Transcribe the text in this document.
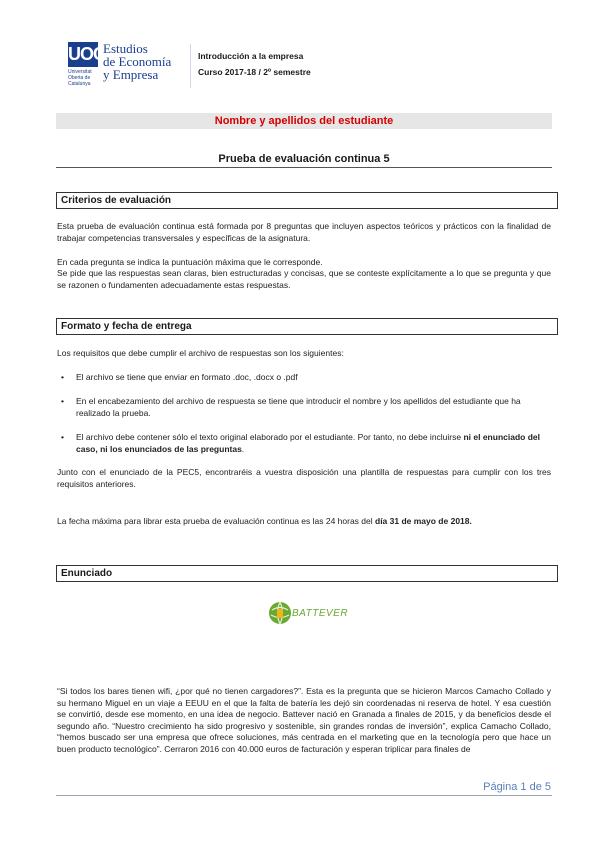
UOC
Universitat Oberta de Catalunya
Estudios
de Economía
y Empresa
Introducción a la empresa
Curso 2017-18 / 2º semestre
Nombre y apellidos del estudiante
Prueba de evaluación continua 5
Criterios de evaluación
Esta prueba de evaluación continua está formada por 8 preguntas que incluyen aspectos teóricos y prácticos con la finalidad de trabajar competencias transversales y específicas de la asignatura.
En cada pregunta se indica la puntuación máxima que le corresponde.
Se pide que las respuestas sean claras, bien estructuradas y concisas, que se conteste explícitamente a lo que se pregunta y que se razonen o fundamenten adecuadamente estas respuestas.
Formato y fecha de entrega
Los requisitos que debe cumplir el archivo de respuestas son los siguientes:
• El archivo se tiene que enviar en formato .doc, .docx o .pdf
• En el encabezamiento del archivo de respuesta se tiene que introducir el nombre y los apellidos del estudiante que ha realizado la prueba.
• El archivo debe contener sólo el texto original elaborado por el estudiante. Por tanto, no debe incluirse ni el enunciado del caso, ni los enunciados de las preguntas.
Junto con el enunciado de la PEC5, encontraréis a vuestra disposición una plantilla de respuestas para cumplir con los tres requisitos anteriores.
La fecha máxima para librar esta prueba de evaluación continua es las 24 horas del día 31 de mayo de 2018.
Enunciado
BATTEVER
“Si todos los bares tienen wifi, ¿por qué no tienen cargadores?”. Esta es la pregunta que se hicieron Marcos Camacho Collado y su hermano Miguel en un viaje a EEUU en el que la falta de batería les dejó sin coordenadas ni reserva de hotel. Y esa cuestión se convirtió, desde ese momento, en una idea de negocio. Battever nació en Granada a finales de 2015, y da beneficios desde el segundo año. “Nuestro crecimiento ha sido progresivo y sostenible, sin grandes rondas de inversión”, explica Camacho Collado, “hemos buscado ser una empresa que ofrece soluciones, más centrada en el marketing que en la tecnología pero que hace un buen producto tecnológico”. Cerraron 2016 con 40.000 euros de facturación y esperan triplicar para finales de
Página 1 de 5
